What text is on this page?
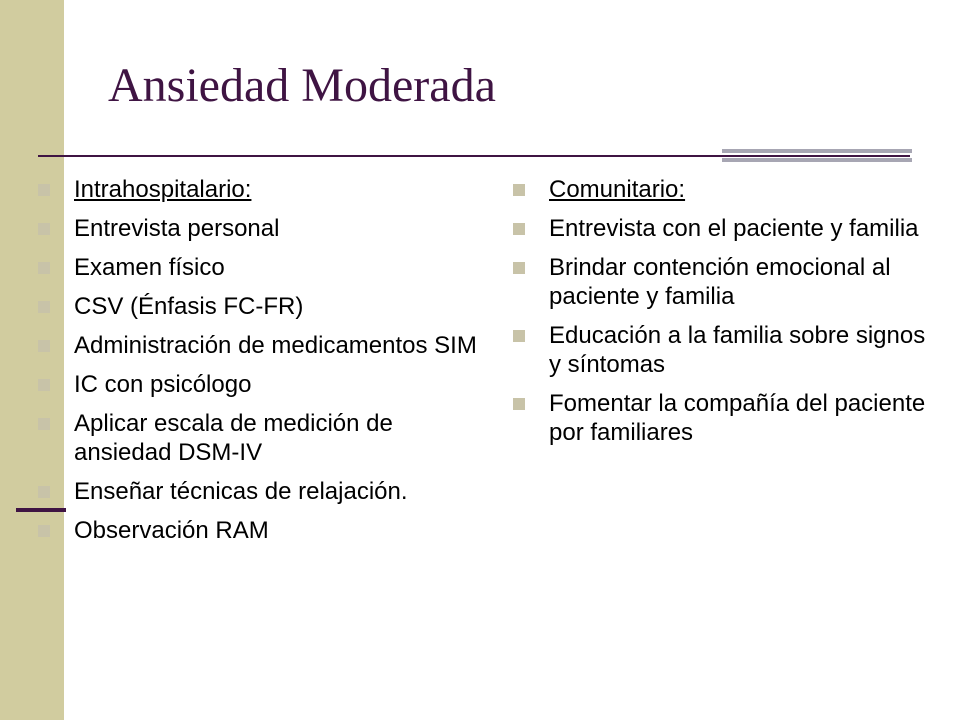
Ansiedad Moderada
Intrahospitalario:
Entrevista personal
Examen físico
CSV (Énfasis FC-FR)
Administración de medicamentos SIM
IC con psicólogo
Aplicar escala de medición de ansiedad DSM-IV
Enseñar técnicas de relajación.
Observación RAM
Comunitario:
Entrevista con el paciente y familia
Brindar contención emocional al paciente y familia
Educación a la familia sobre signos y síntomas
Fomentar la compañía del paciente por familiares
